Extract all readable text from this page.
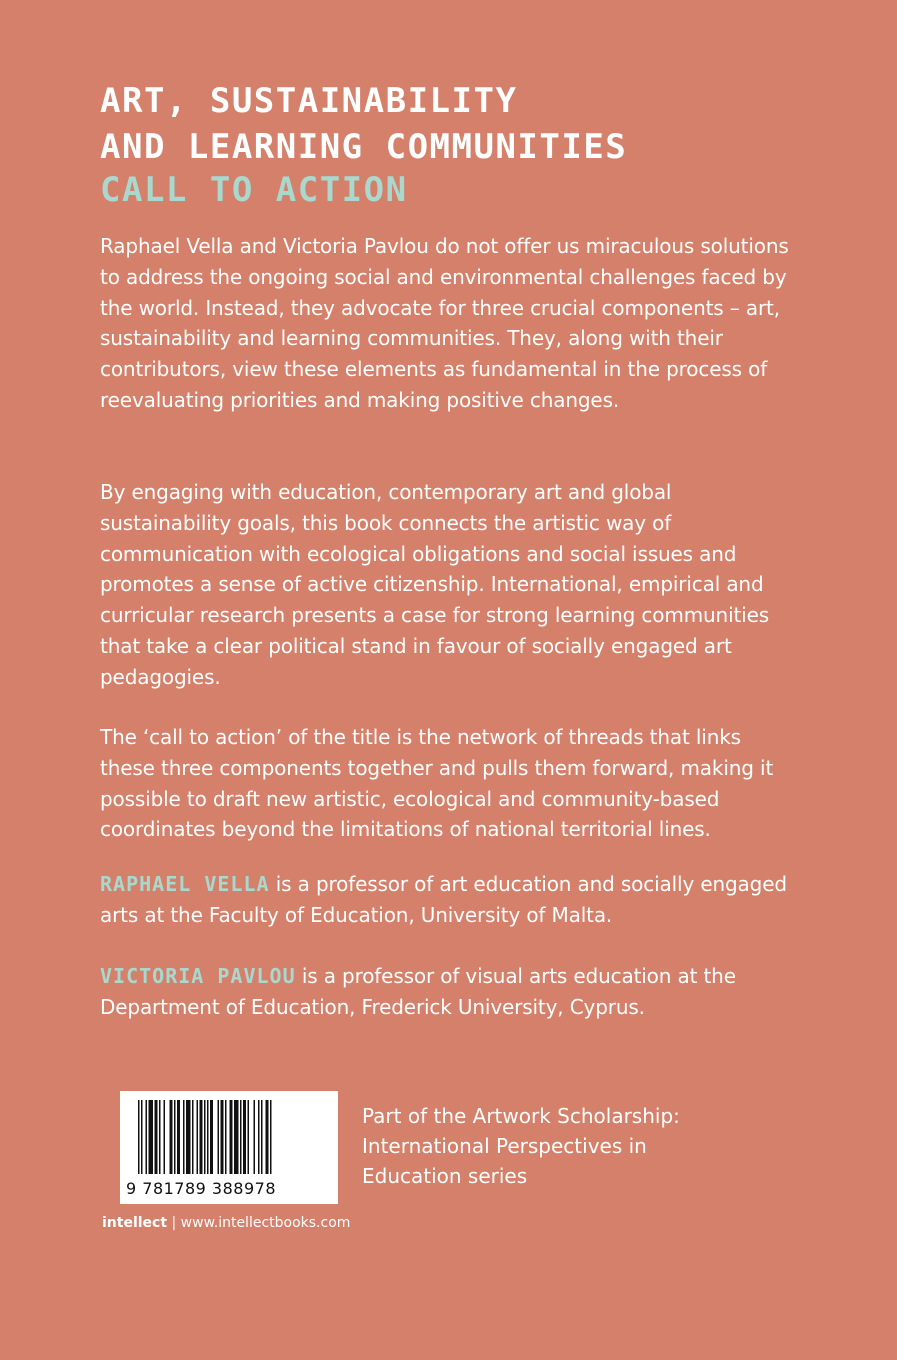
ART, SUSTAINABILITY
AND LEARNING COMMUNITIES
CALL TO ACTION

Raphael Vella and Victoria Pavlou do not offer us miraculous solutions to address the ongoing social and environmental challenges faced by the world. Instead, they advocate for three crucial components – art, sustainability and learning communities. They, along with their contributors, view these elements as fundamental in the process of reevaluating priorities and making positive changes.

By engaging with education, contemporary art and global sustainability goals, this book connects the artistic way of communication with ecological obligations and social issues and promotes a sense of active citizenship. International, empirical and curricular research presents a case for strong learning communities that take a clear political stand in favour of socially engaged art pedagogies.

The ‘call to action’ of the title is the network of threads that links these three components together and pulls them forward, making it possible to draft new artistic, ecological and community-based coordinates beyond the limitations of national territorial lines.

RAPHAEL VELLA is a professor of art education and socially engaged arts at the Faculty of Education, University of Malta.

VICTORIA PAVLOU is a professor of visual arts education at the Department of Education, Frederick University, Cyprus.

9 781789 388978

Part of the Artwork Scholarship: International Perspectives in Education series

intellect | www.intellectbooks.com
